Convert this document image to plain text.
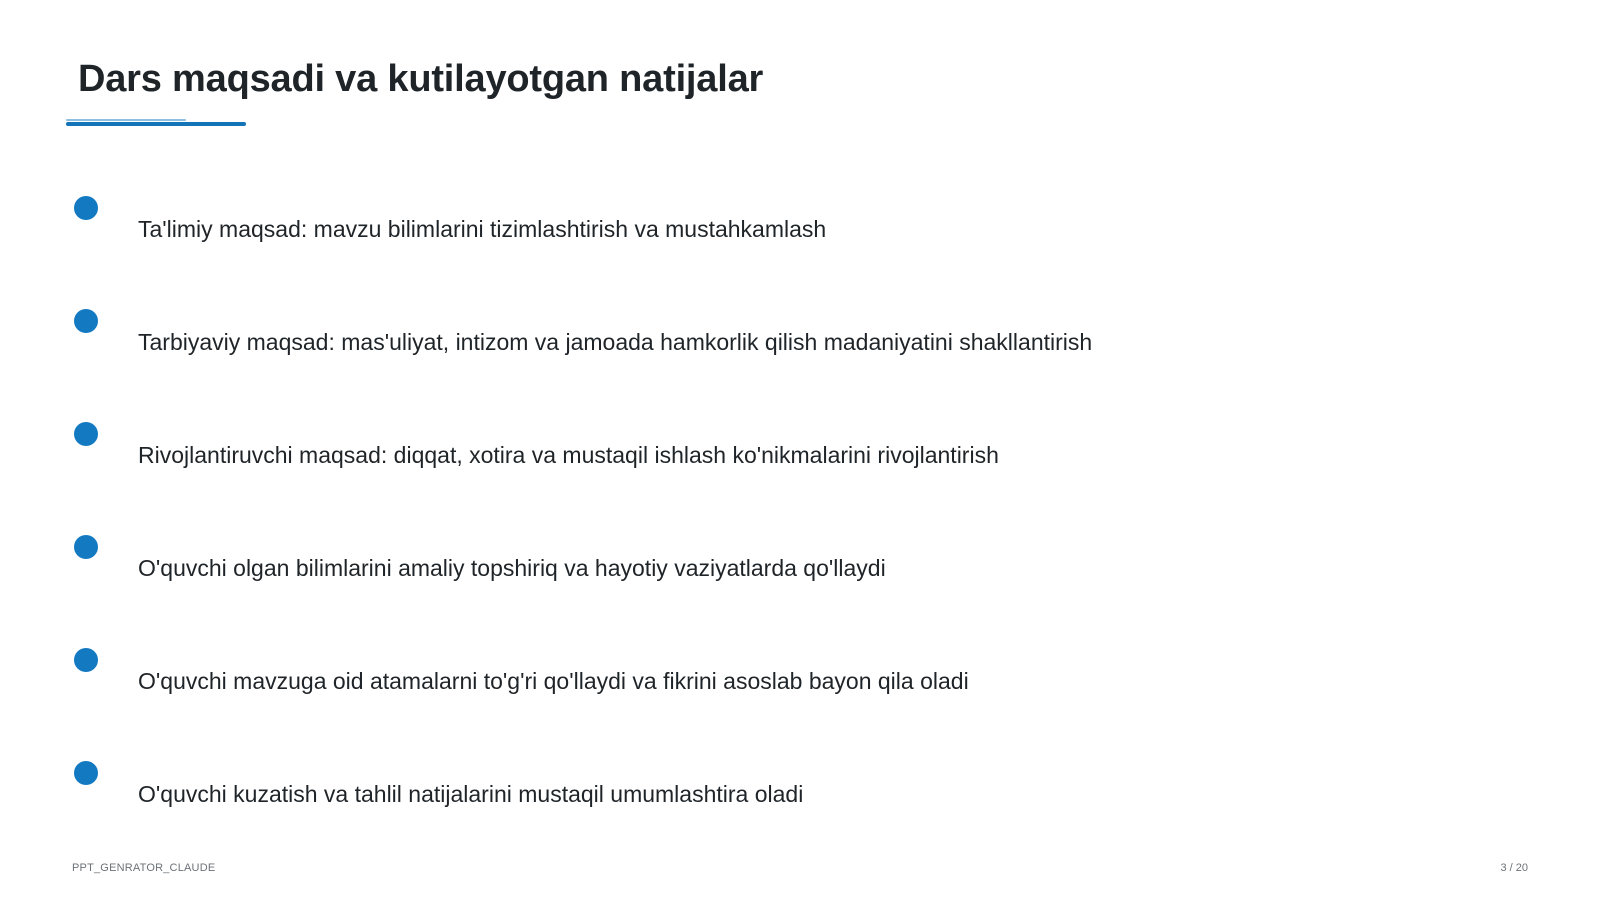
Dars maqsadi va kutilayotgan natijalar
Ta'limiy maqsad: mavzu bilimlarini tizimlashtirish va mustahkamlash
Tarbiyaviy maqsad: mas'uliyat, intizom va jamoada hamkorlik qilish madaniyatini shakllantirish
Rivojlantiruvchi maqsad: diqqat, xotira va mustaqil ishlash ko'nikmalarini rivojlantirish
O'quvchi olgan bilimlarini amaliy topshiriq va hayotiy vaziyatlarda qo'llaydi
O'quvchi mavzuga oid atamalarni to'g'ri qo'llaydi va fikrini asoslab bayon qila oladi
O'quvchi kuzatish va tahlil natijalarini mustaqil umumlashtira oladi
PPT_GENRATOR_CLAUDE	3 / 20
